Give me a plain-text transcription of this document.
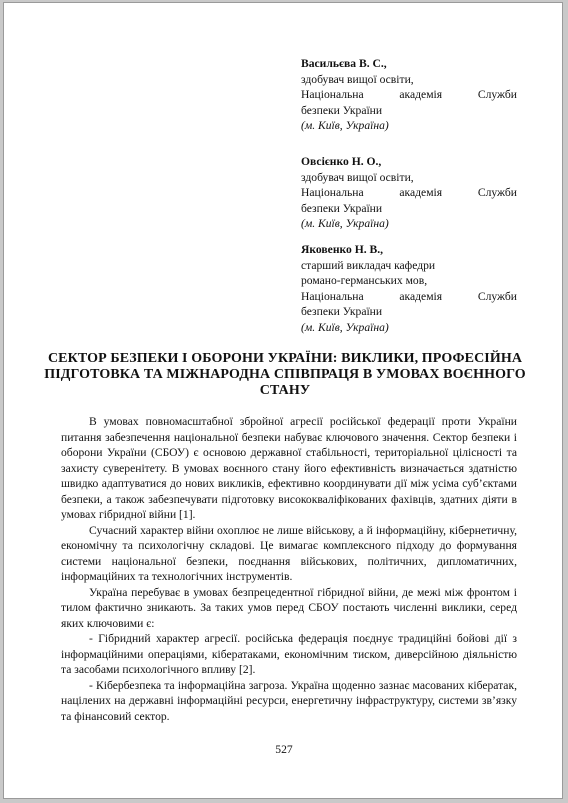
Васильєва В. С.,
здобувач вищої освіти,
Національна академія Служби
безпеки України
(м. Київ, Україна)
Овсієнко Н. О.,
здобувач вищої освіти,
Національна академія Служби
безпеки України
(м. Київ, Україна)
Яковенко Н. В.,
старший викладач кафедри
романо-германських мов,
Національна академія Служби
безпеки України
(м. Київ, Україна)
СЕКТОР БЕЗПЕКИ І ОБОРОНИ УКРАЇНИ: ВИКЛИКИ, ПРОФЕСІЙНА ПІДГОТОВКА ТА МІЖНАРОДНА СПІВПРАЦЯ В УМОВАХ ВОЄННОГО СТАНУ

В умовах повномасштабної збройної агресії російської федерації проти України питання забезпечення національної безпеки набуває ключового значення. Сектор безпеки і оборони України (СБОУ) є основою державної стабільності, територіальної цілісності та захисту суверенітету. В умовах воєнного стану його ефективність визначається здатністю швидко адаптуватися до нових викликів, ефективно координувати дії між усіма суб’єктами безпеки, а також забезпечувати підготовку висококваліфікованих фахівців, здатних діяти в умовах гібридної війни [1].

Сучасний характер війни охоплює не лише військову, а й інформаційну, кібернетичну, економічну та психологічну складові. Це вимагає комплексного підходу до формування системи національної безпеки, поєднання військових, політичних, дипломатичних, інформаційних та технологічних інструментів.

Україна перебуває в умовах безпрецедентної гібридної війни, де межі між фронтом і тилом фактично зникають. За таких умов перед СБОУ постають численні виклики, серед яких ключовими є:

- Гібридний характер агресії. російська федерація поєднує традиційні бойові дії з інформаційними операціями, кібератаками, економічним тиском, диверсійною діяльністю та засобами психологічного впливу [2].

- Кібербезпека та інформаційна загроза. Україна щоденно зазнає масованих кібератак, націлених на державні інформаційні ресурси, енергетичну інфраструктуру, системи зв’язку та фінансовий сектор.

527
